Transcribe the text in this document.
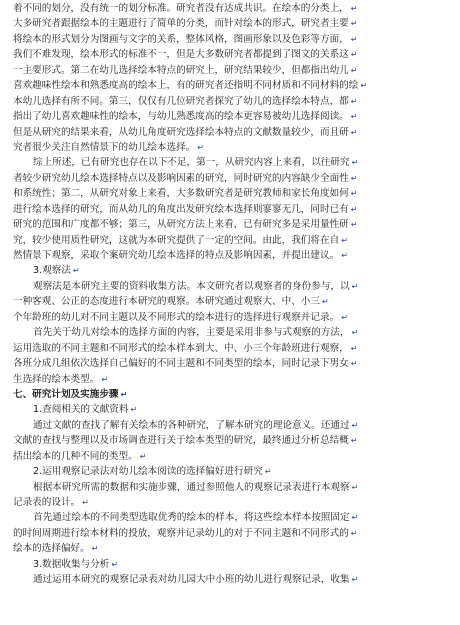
着不同的划分，没有统一的划分标准。研究者没有达成共识。在绘本的分类上， ↵
大多研究者跟据绘本的主题进行了简单的分类，而针对绘本的形式，研究者主要 ↵
将绘本的形式划分为图画与文字的关系，整体风格，图画形象以及色彩等方面， ↵
我们不难发现，绘本形式的标准不一，但是大多数研究者都提到了图文的关系这 ↵
一主要形式。第二在幼儿选择绘本特点的研究上，研究结果较少，但都指出幼儿 ↵
喜欢趣味性绘本和熟悉度高的绘本上，有的研究者还指明不同材质和不同材料的绘 ↵
本幼儿选择有所不同。第三，仅仅有几位研究者探究了幼儿的选择绘本特点，都 ↵
指出了幼儿喜欢趣味性的绘本，与幼儿熟悉度高的绘本更容易被幼儿选择阅读。 ↵
但是从研究的结果来看，从幼儿角度研究选择绘本特点的文献数量较少，而且研 ↵
究者很少关注自然情景下的幼儿绘本选择。 ↵
综上所述，已有研究也存在以下不足，第一，从研究内容上来看，以往研究 ↵
者较少研究幼儿绘本选择特点以及影响因素的研究，同时研究的内容缺少全面性 ↵
和系统性；第二，从研究对象上来看，大多数研究者是研究教师和家长角度如何 ↵
进行绘本选择的研究，而从幼儿的角度出发研究绘本选择则寥寥无几，同时已有 ↵
研究的范围和广度都不够；第三，从研究方法上来看，已有研究多是采用量性研 ↵
究，较少使用质性研究，这就为本研究提供了一定的空间。由此，我们将在自 ↵
然情景下观察，采取个案研究幼儿绘本选择的特点及影响因素，并提出建议。 ↵
3.观察法 ↵
观察法是本研究主要的资料收集方法。本文研究者以观察者的身份参与，以 ↵
一种客观、公正的态度进行本研究的观察。本研究通过观察大、中、小三 ↵
个年龄班的幼儿对不同主题以及不同形式的绘本进行的选择进行观察并记录。 ↵
首先关于幼儿对绘本的选择方面的内容，主要是采用非参与式观察的方法， ↵
运用选取的不同主题和不同形式的绘本样本到大、中、小三个年龄班进行观察， ↵
各班分成几组依次选择自己偏好的不同主题和不同类型的绘本，同时记录下男女 ↵
生选择的绘本类型。 ↵
七、研究计划及实施步骤 ↵
1.查阅相关的文献资料 ↵
通过文献的查找了解有关绘本的各种研究，了解本研究的理论意义。还通过 ↵
文献的查找与整理以及市场调查进行关于绘本类型的研究，最终通过分析总结概 ↵
括出绘本的几种不同的类型。 ↵
2.运用观察记录法对幼儿绘本阅读的选择偏好进行研究 ↵
根据本研究所需的数据和实施步骤，通过参照他人的观察记录表进行本观察 ↵
记录表的设计。 ↵
首先通过绘本的不同类型选取优秀的绘本的样本，将这些绘本样本按照固定 ↵
的时间周期进行绘本材料的投放，观察并记录幼儿的对于不同主题和不同形式的 ↵
绘本的选择偏好。 ↵
3.数据收集与分析 ↵
通过运用本研究的观察记录表对幼儿园大中小班的幼儿进行观察记录，收集 ↵
